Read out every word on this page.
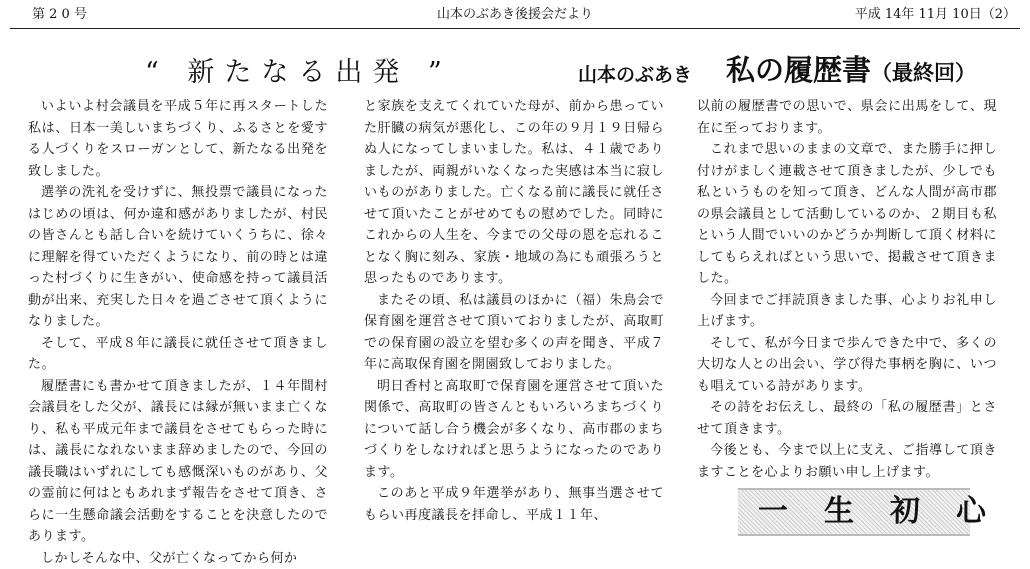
第 2 0 号	山本のぶあき後援会だより	平成 14年 11月 10日（2）
“ 新たなる出発 ”	山本のぶあき 私の履歴書（最終回）

いよいよ村会議員を平成５年に再スタートした私は、日本一美しいまちづくり、ふるさとを愛する人づくりをスローガンとして、新たなる出発を致しました。

選挙の洗礼を受けずに、無投票で議員になったはじめの頃は、何か違和感がありましたが、村民の皆さんとも話し合いを続けていくうちに、徐々に理解を得ていただくようになり、前の時とは違った村づくりに生きがい、使命感を持って議員活動が出来、充実した日々を過ごさせて頂くようになりました。

そして、平成８年に議長に就任させて頂きました。

履歴書にも書かせて頂きましたが、１４年間村会議員をした父が、議長には縁が無いまま亡くなり、私も平成元年まで議員をさせてもらった時には、議長になれないまま辞めましたので、今回の議長職はいずれにしても感慨深いものがあり、父の霊前に何はともあれまず報告をさせて頂き、さらに一生懸命議会活動をすることを決意したのであります。

しかしそんな中、父が亡くなってから何か

と家族を支えてくれていた母が、前から患っていた肝臓の病気が悪化し、この年の９月１９日帰らぬ人になってしまいました。私は、４１歳でありましたが、両親がいなくなった実感は本当に寂しいものがありました。亡くなる前に議長に就任させて頂いたことがせめてもの慰めでした。同時にこれからの人生を、今までの父母の恩を忘れることなく胸に刻み、家族・地域の為にも頑張ろうと思ったものであります。

またその頃、私は議員のほかに（福）朱鳥会で保育園を運営させて頂いておりましたが、高取町での保育園の設立を望む多くの声を聞き、平成７年に高取保育園を開園致しておりました。

明日香村と高取町で保育園を運営させて頂いた関係で、高取町の皆さんともいろいろまちづくりについて話し合う機会が多くなり、高市郡のまちづくりをしなければと思うようになったのであります。

このあと平成９年選挙があり、無事当選させてもらい再度議長を拝命し、平成１１年、

以前の履歴書での思いで、県会に出馬をして、現在に至っております。

これまで思いのままの文章で、また勝手に押し付けがましく連載させて頂きましたが、少しでも私というものを知って頂き、どんな人間が高市郡の県会議員として活動しているのか、２期目も私という人間でいいのかどうか判断して頂く材料にしてもらえればという思いで、掲載させて頂きました。

今回までご拝読頂きました事、心よりお礼申し上げます。

そして、私が今日まで歩んできた中で、多くの大切な人との出会い、学び得た事柄を胸に、いつも唱えている詩があります。

その詩をお伝えし、最終の「私の履歴書」とさせて頂きます。

今後とも、今まで以上に支え、ご指導して頂きますことを心よりお願い申し上げます。

一生初心
